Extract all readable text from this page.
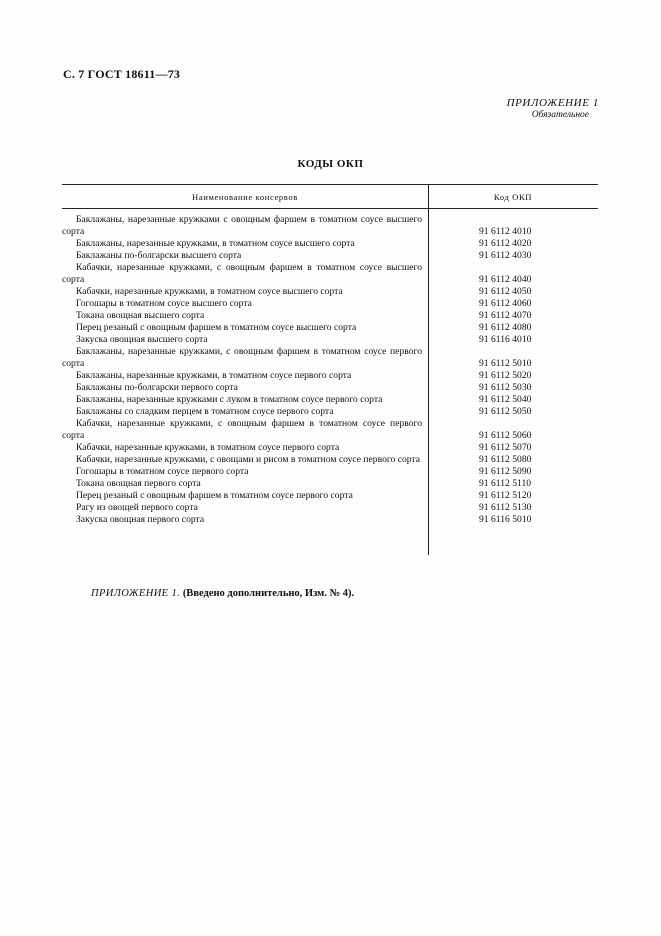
С. 7 ГОСТ 18611—73
ПРИЛОЖЕНИЕ 1
Обязательное
КОДЫ ОКП
Наименование консервов	Код ОКП
Баклажаны, нарезанные кружками с овощным фаршем в томатном соусе высшего сорта	91 6112 4010
Баклажаны, нарезанные кружками, в томатном соусе высшего сорта	91 6112 4020
Баклажаны по-болгарски высшего сорта	91 6112 4030
Кабачки, нарезанные кружками, с овощным фаршем в томатном соусе высшего сорта	91 6112 4040
Кабачки, нарезанные кружками, в томатном соусе высшего сорта	91 6112 4050
Гогошары в томатном соусе высшего сорта	91 6112 4060
Токана овощная высшего сорта	91 6112 4070
Перец резаный с овощным фаршем в томатном соусе высшего сорта	91 6112 4080
Закуска овощная высшего сорта	91 6116 4010
Баклажаны, нарезанные кружками, с овощным фаршем в томатном соусе первого сорта	91 6112 5010
Баклажаны, нарезанные кружками, в томатном соусе первого сорта	91 6112 5020
Баклажаны по-болгарски первого сорта	91 6112 5030
Баклажаны, нарезанные кружками с луком в томатном соусе первого сорта	91 6112 5040
Баклажаны со сладким перцем в томатном соусе первого сорта	91 6112 5050
Кабачки, нарезанные кружками, с овощным фаршем в томатном соусе первого сорта	91 6112 5060
Кабачки, нарезанные кружками, в томатном соусе первого сорта	91 6112 5070
Кабачки, нарезанные кружками, с овощами и рисом в томатном соусе первого сорта	91 6112 5080
Гогошары в томатном соусе первого сорта	91 6112 5090
Токана овощная первого сорта	91 6112 5110
Перец резаный с овощным фаршем в томатном соусе первого сорта	91 6112 5120
Рагу из овощей первого сорта	91 6112 5130
Закуска овощная первого сорта	91 6116 5010
ПРИЛОЖЕНИЕ 1. (Введено дополнительно, Изм. № 4).
